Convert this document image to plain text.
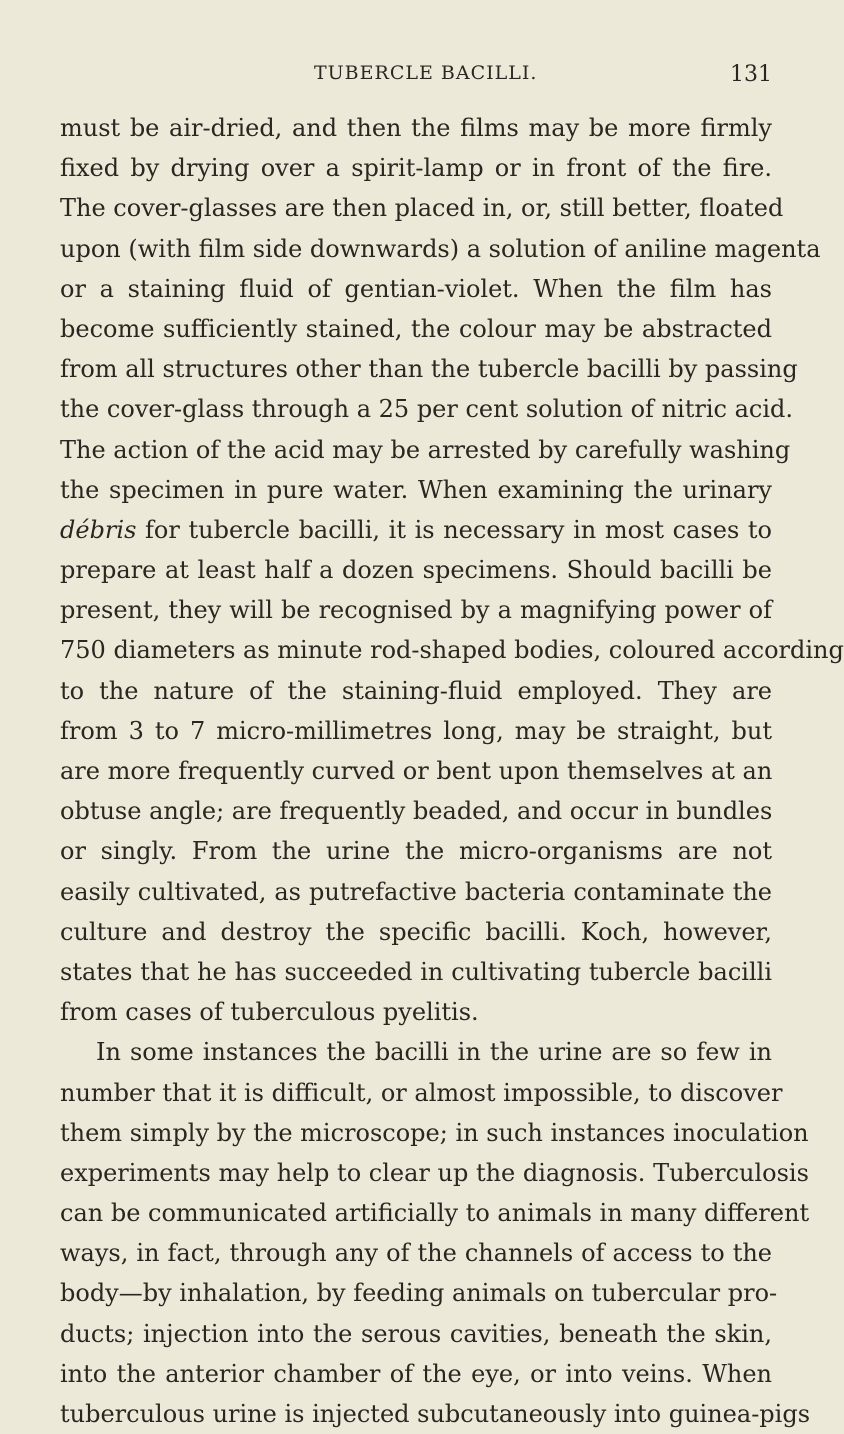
TUBERCLE BACILLI.	131
must be air-dried, and then the films may be more firmly
fixed by drying over a spirit-lamp or in front of the fire.
The cover-glasses are then placed in, or, still better, floated
upon (with film side downwards) a solution of aniline magenta
or a staining fluid of gentian-violet. When the film has
become sufficiently stained, the colour may be abstracted
from all structures other than the tubercle bacilli by passing
the cover-glass through a 25 per cent solution of nitric acid.
The action of the acid may be arrested by carefully washing
the specimen in pure water. When examining the urinary
débris for tubercle bacilli, it is necessary in most cases to
prepare at least half a dozen specimens. Should bacilli be
present, they will be recognised by a magnifying power of
750 diameters as minute rod-shaped bodies, coloured according
to the nature of the staining-fluid employed. They are
from 3 to 7 micro-millimetres long, may be straight, but
are more frequently curved or bent upon themselves at an
obtuse angle; are frequently beaded, and occur in bundles
or singly. From the urine the micro-organisms are not
easily cultivated, as putrefactive bacteria contaminate the
culture and destroy the specific bacilli. Koch, however,
states that he has succeeded in cultivating tubercle bacilli
from cases of tuberculous pyelitis.
In some instances the bacilli in the urine are so few in
number that it is difficult, or almost impossible, to discover
them simply by the microscope; in such instances inoculation
experiments may help to clear up the diagnosis. Tuberculosis
can be communicated artificially to animals in many different
ways, in fact, through any of the channels of access to the
body—by inhalation, by feeding animals on tubercular pro-
ducts; injection into the serous cavities, beneath the skin,
into the anterior chamber of the eye, or into veins. When
tuberculous urine is injected subcutaneously into guinea-pigs
